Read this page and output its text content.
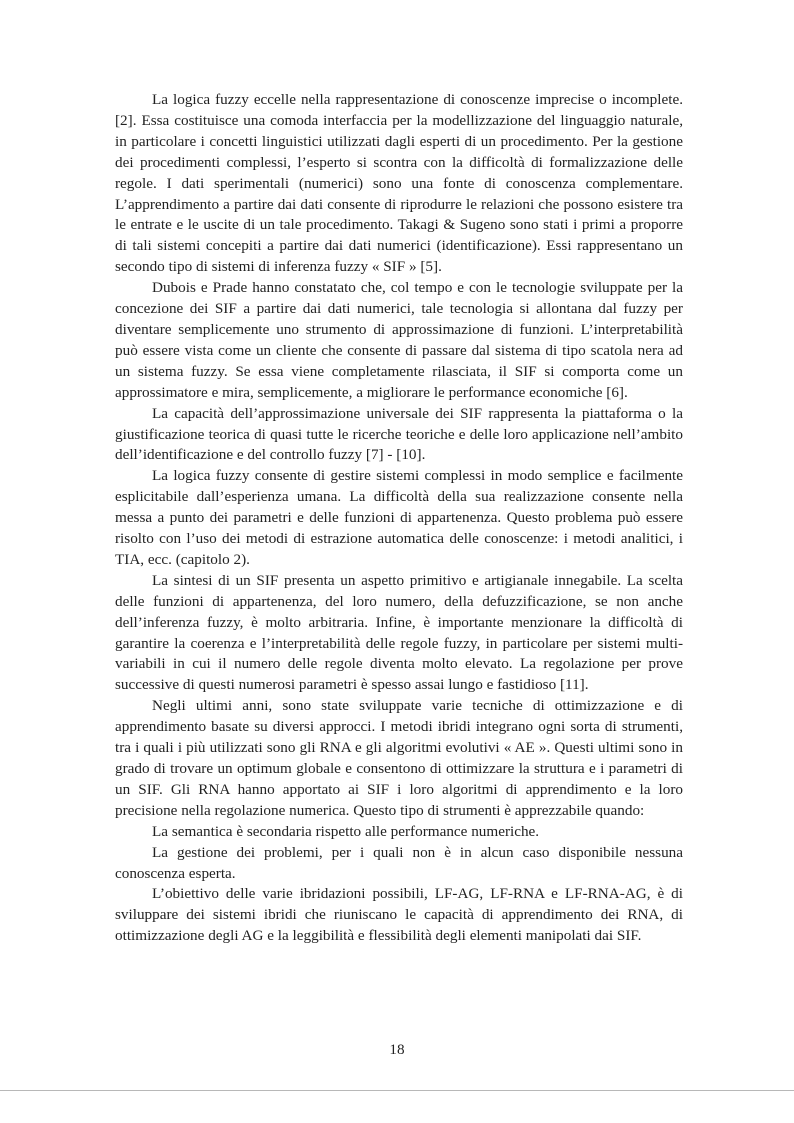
La logica fuzzy eccelle nella rappresentazione di conoscenze imprecise o incomplete. [2]. Essa costituisce una comoda interfaccia per la modellizzazione del linguaggio naturale, in particolare i concetti linguistici utilizzati dagli esperti di un procedimento. Per la gestione dei procedimenti complessi, l’esperto si scontra con la difficoltà di formalizzazione delle regole. I dati sperimentali (numerici) sono una fonte di conoscenza complementare. L’apprendimento a partire dai dati consente di riprodurre le relazioni che possono esistere tra le entrate e le uscite di un tale procedimento. Takagi & Sugeno sono stati i primi a proporre di tali sistemi concepiti a partire dai dati numerici (identificazione). Essi rappresentano un secondo tipo di sistemi di inferenza fuzzy « SIF » [5].

Dubois e Prade hanno constatato che, col tempo e con le tecnologie sviluppate per la concezione dei SIF a partire dai dati numerici, tale tecnologia si allontana dal fuzzy per diventare semplicemente uno strumento di approssimazione di funzioni. L’interpretabilità può essere vista come un cliente che consente di passare dal sistema di tipo scatola nera ad un sistema fuzzy. Se essa viene completamente rilasciata, il SIF si comporta come un approssimatore e mira, semplicemente, a migliorare le performance economiche [6].

La capacità dell’approssimazione universale dei SIF rappresenta la piattaforma o la giustificazione teorica di quasi tutte le ricerche teoriche e delle loro applicazione nell’ambito dell’identificazione e del controllo fuzzy [7] - [10].

La logica fuzzy consente di gestire sistemi complessi in modo semplice e facilmente esplicitabile dall’esperienza umana. La difficoltà della sua realizzazione consente nella messa a punto dei parametri e delle funzioni di appartenenza. Questo problema può essere risolto con l’uso dei metodi di estrazione automatica delle conoscenze: i metodi analitici, i TIA, ecc. (capitolo 2).

La sintesi di un SIF presenta un aspetto primitivo e artigianale innegabile. La scelta delle funzioni di appartenenza, del loro numero, della defuzzificazione, se non anche dell’inferenza fuzzy, è molto arbitraria. Infine, è importante menzionare la difficoltà di garantire la coerenza e l’interpretabilità delle regole fuzzy, in particolare per sistemi multi- variabili in cui il numero delle regole diventa molto elevato. La regolazione per prove successive di questi numerosi parametri è spesso assai lungo e fastidioso [11].

Negli ultimi anni, sono state sviluppate varie tecniche di ottimizzazione e di apprendimento basate su diversi approcci. I metodi ibridi integrano ogni sorta di strumenti, tra i quali i più utilizzati sono gli RNA e gli algoritmi evolutivi « AE ». Questi ultimi sono in grado di trovare un optimum globale e consentono di ottimizzare la struttura e i parametri di un SIF. Gli RNA hanno apportato ai SIF i loro algoritmi di apprendimento e la loro precisione nella regolazione numerica. Questo tipo di strumenti è apprezzabile quando:

La semantica è secondaria rispetto alle performance numeriche.

La gestione dei problemi, per i quali non è in alcun caso disponibile nessuna conoscenza esperta.

L’obiettivo delle varie ibridazioni possibili, LF-AG, LF-RNA e LF-RNA-AG, è di sviluppare dei sistemi ibridi che riuniscano le capacità di apprendimento dei RNA, di ottimizzazione degli AG e la leggibilità e flessibilità degli elementi manipolati dai SIF.

18
